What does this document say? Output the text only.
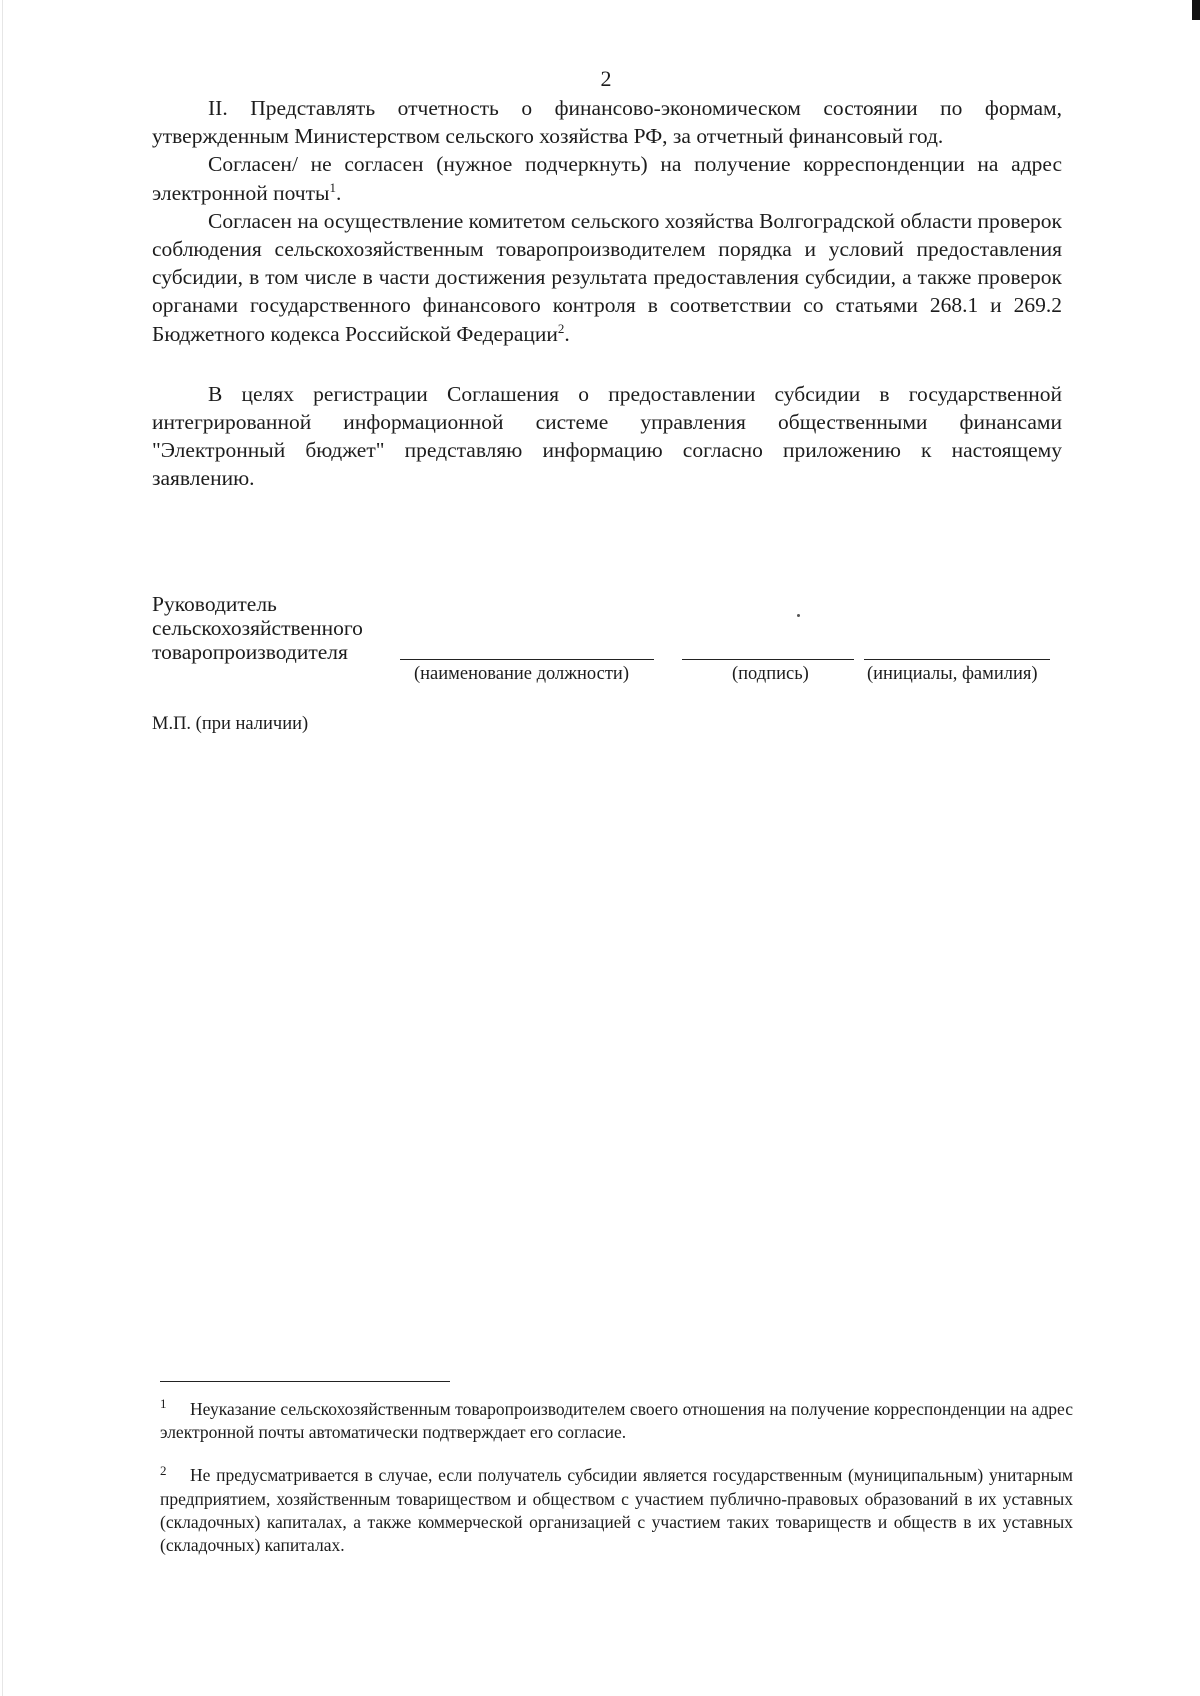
2

II. Представлять отчетность о финансово-экономическом состоянии по формам, утвержденным Министерством сельского хозяйства РФ, за отчетный финансовый год.

Согласен/ не согласен (нужное подчеркнуть) на получение корреспонденции на адрес электронной почты$^1$.

Согласен на осуществление комитетом сельского хозяйства Волгоградской области проверок соблюдения сельскохозяйственным товаропроизводителем порядка и условий предоставления субсидии, в том числе в части достижения результата предоставления субсидии, а также проверок органами государственного финансового контроля в соответствии со статьями 268.1 и 269.2 Бюджетного кодекса Российской Федерации$^2$.

В целях регистрации Соглашения о предоставлении субсидии в государственной интегрированной информационной системе управления общественными финансами "Электронный бюджет" представляю информацию согласно приложению к настоящему заявлению.

Руководитель
сельскохозяйственного
товаропроизводителя
(наименование должности)	(подпись)	(инициалы, фамилия)
М.П. (при наличии)

1 Неуказание сельскохозяйственным товаропроизводителем своего отношения на получение корреспонденции на адрес электронной почты автоматически подтверждает его согласие.

2 Не предусматривается в случае, если получатель субсидии является государственным (муниципальным) унитарным предприятием, хозяйственным товариществом и обществом с участием публично-правовых образований в их уставных (складочных) капиталах, а также коммерческой организацией с участием таких товариществ и обществ в их уставных (складочных) капиталах.
